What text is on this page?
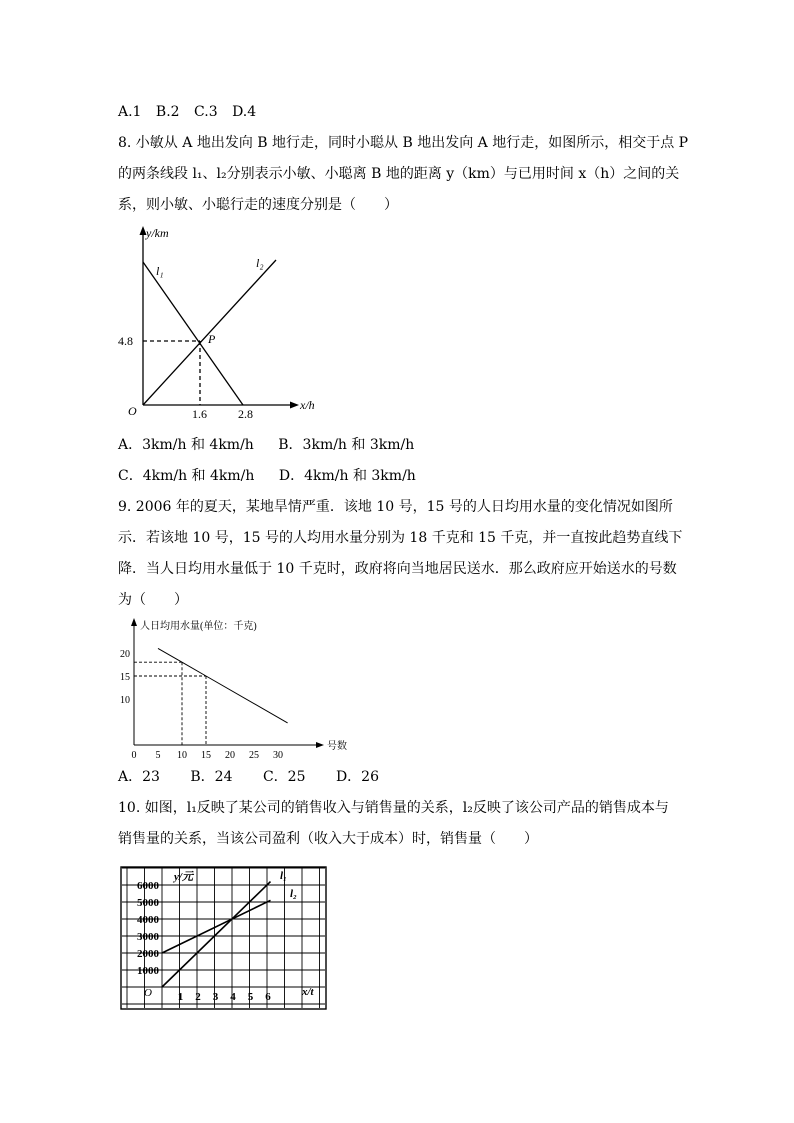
A.1 B.2 C.3 D.4
8. 小敏从 A 地出发向 B 地行走，同时小聪从 B 地出发向 A 地行走，如图所示，相交于点 P
的两条线段 l₁、l₂分别表示小敏、小聪离 B 地的距离 y（km）与已用时间 x（h）之间的关
系，则小敏、小聪行走的速度分别是（　　）
y/km
x/h
O
P
l₁
l₂
4.8
1.6	2.8
A．3km/h 和 4km/h B．3km/h 和 3km/h
C．4km/h 和 4km/h D．4km/h 和 3km/h
9. 2006 年的夏天，某地旱情严重．该地 10 号，15 号的人日均用水量的变化情况如图所
示．若该地 10 号，15 号的人均用水量分别为 18 千克和 15 千克，并一直按此趋势直线下
降．当人日均用水量低于 10 千克时，政府将向当地居民送水．那么政府应开始送水的号数
为（　　）
0 5 10 15 20 25 30
10
15
20
人日均用水量(单位：千克)
号数
A．23 B．24 C．25 D．26
10. 如图，l₁反映了某公司的销售收入与销售量的关系，l₂反映了该公司产品的销售成本与
销售量的关系，当该公司盈利（收入大于成本）时，销售量（　　）
1 2 3 4 5 6
1000
2000
3000
4000
5000
6000
O
y/元
x/t
l₁
l₂
